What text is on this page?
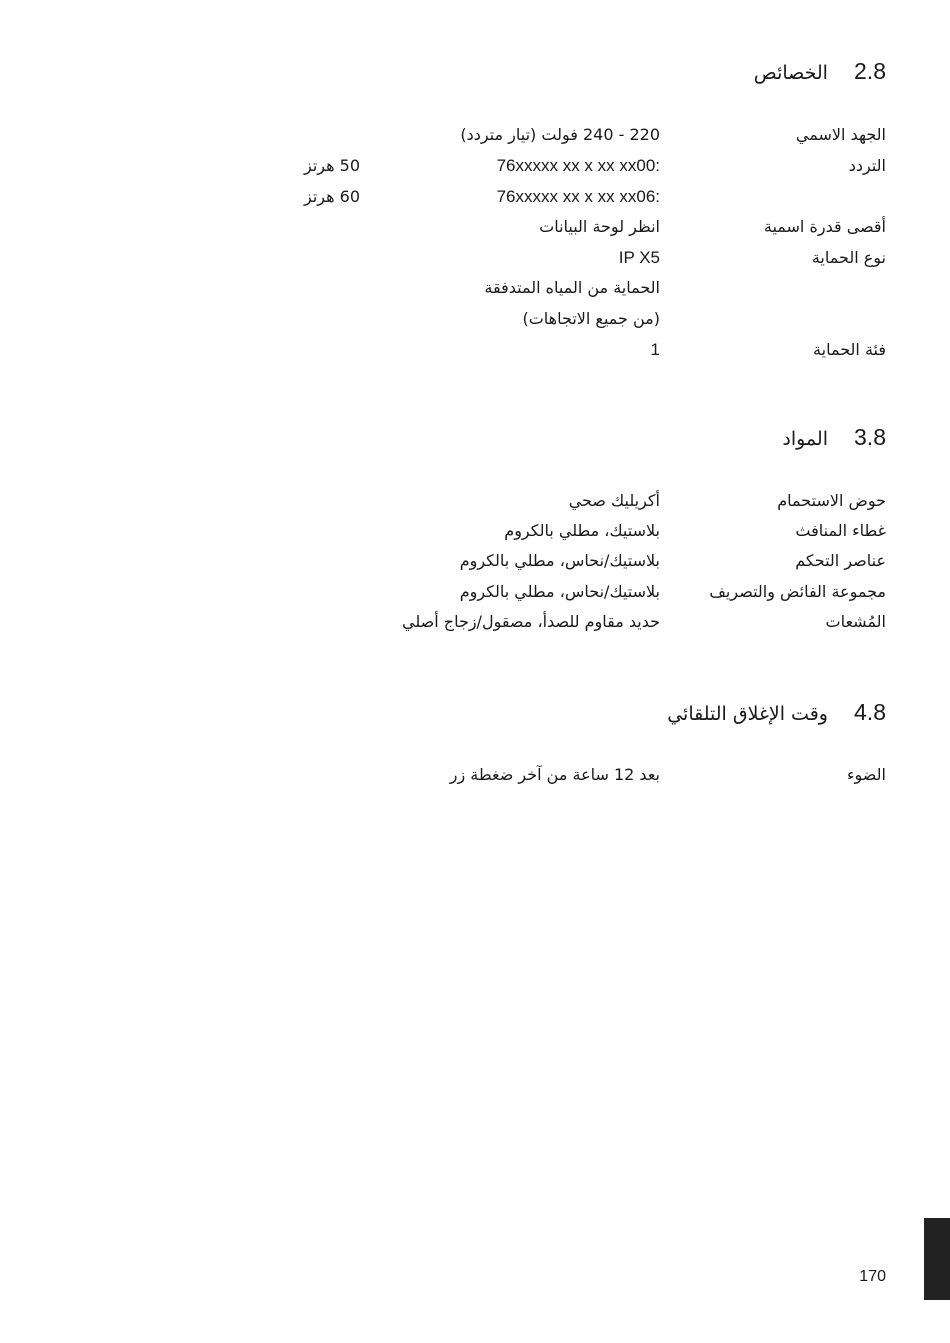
2.8 الخصائص
الجهد الاسمي
220 - 240 فولت (تيار متردد)
التردد
76xxxxx xx x xx xx00:
50 هرتز
76xxxxx xx x xx xx06:
60 هرتز
أقصى قدرة اسمية
انظر لوحة البيانات
نوع الحماية
IP X5
الحماية من المياه المتدفقة
(من جميع الاتجاهات)
فئة الحماية
1
3.8 المواد
حوض الاستحمام
أكريليك صحي
غطاء المنافث
بلاستيك، مطلي بالكروم
عناصر التحكم
بلاستيك/نحاس، مطلي بالكروم
مجموعة الفائض والتصريف
بلاستيك/نحاس، مطلي بالكروم
المُشعات
حديد مقاوم للصدأ، مصقول/زجاج أصلي
4.8 وقت الإغلاق التلقائي
الضوء
بعد 12 ساعة من آخر ضغطة زر
170
